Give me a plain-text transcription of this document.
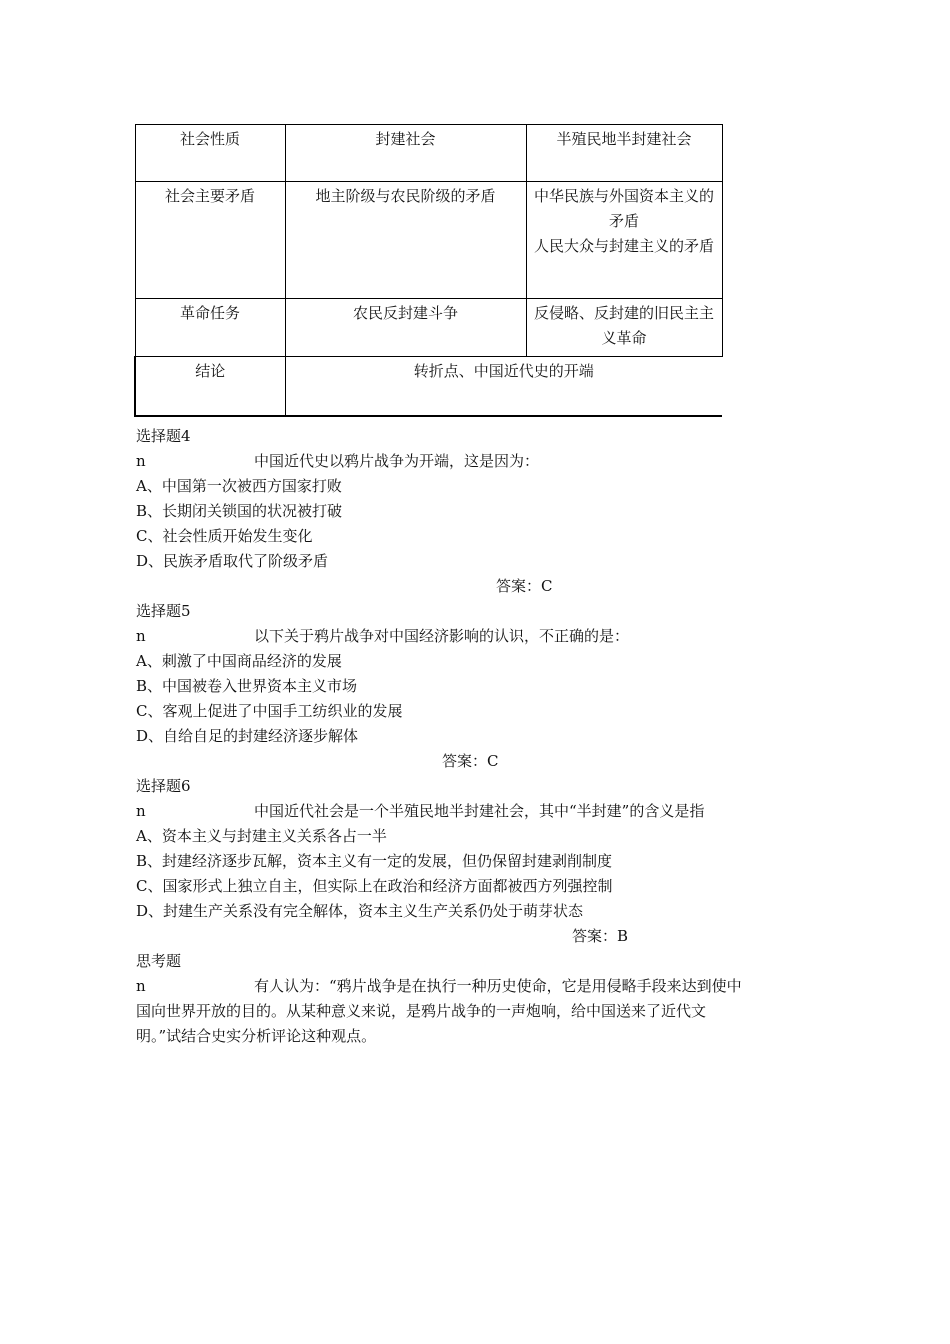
社会性质	封建社会	半殖民地半封建社会
社会主要矛盾	地主阶级与农民阶级的矛盾	中华民族与外国资本主义的矛盾
人民大众与封建主义的矛盾

革命任务	农民反封建斗争	反侵略、反封建的旧民主主义革命
结论	转折点、中国近代史的开端	
选择题4
n	中国近代史以鸦片战争为开端，这是因为：
A、中国第一次被西方国家打败
B、长期闭关锁国的状况被打破
C、社会性质开始发生变化
D、民族矛盾取代了阶级矛盾
答案：C
选择题5
n	以下关于鸦片战争对中国经济影响的认识，不正确的是：
A、刺激了中国商品经济的发展
B、中国被卷入世界资本主义市场
C、客观上促进了中国手工纺织业的发展
D、自给自足的封建经济逐步解体
答案：C
选择题6
n	中国近代社会是一个半殖民地半封建社会，其中“半封建”的含义是指
A、资本主义与封建主义关系各占一半
B、封建经济逐步瓦解，资本主义有一定的发展，但仍保留封建剥削制度
C、国家形式上独立自主，但实际上在政治和经济方面都被西方列强控制
D、封建生产关系没有完全解体，资本主义生产关系仍处于萌芽状态
答案：B
思考题
n	有人认为：“鸦片战争是在执行一种历史使命，它是用侵略手段来达到使中
国向世界开放的目的。从某种意义来说，是鸦片战争的一声炮响，给中国送来了近代文
明。”试结合史实分析评论这种观点。
